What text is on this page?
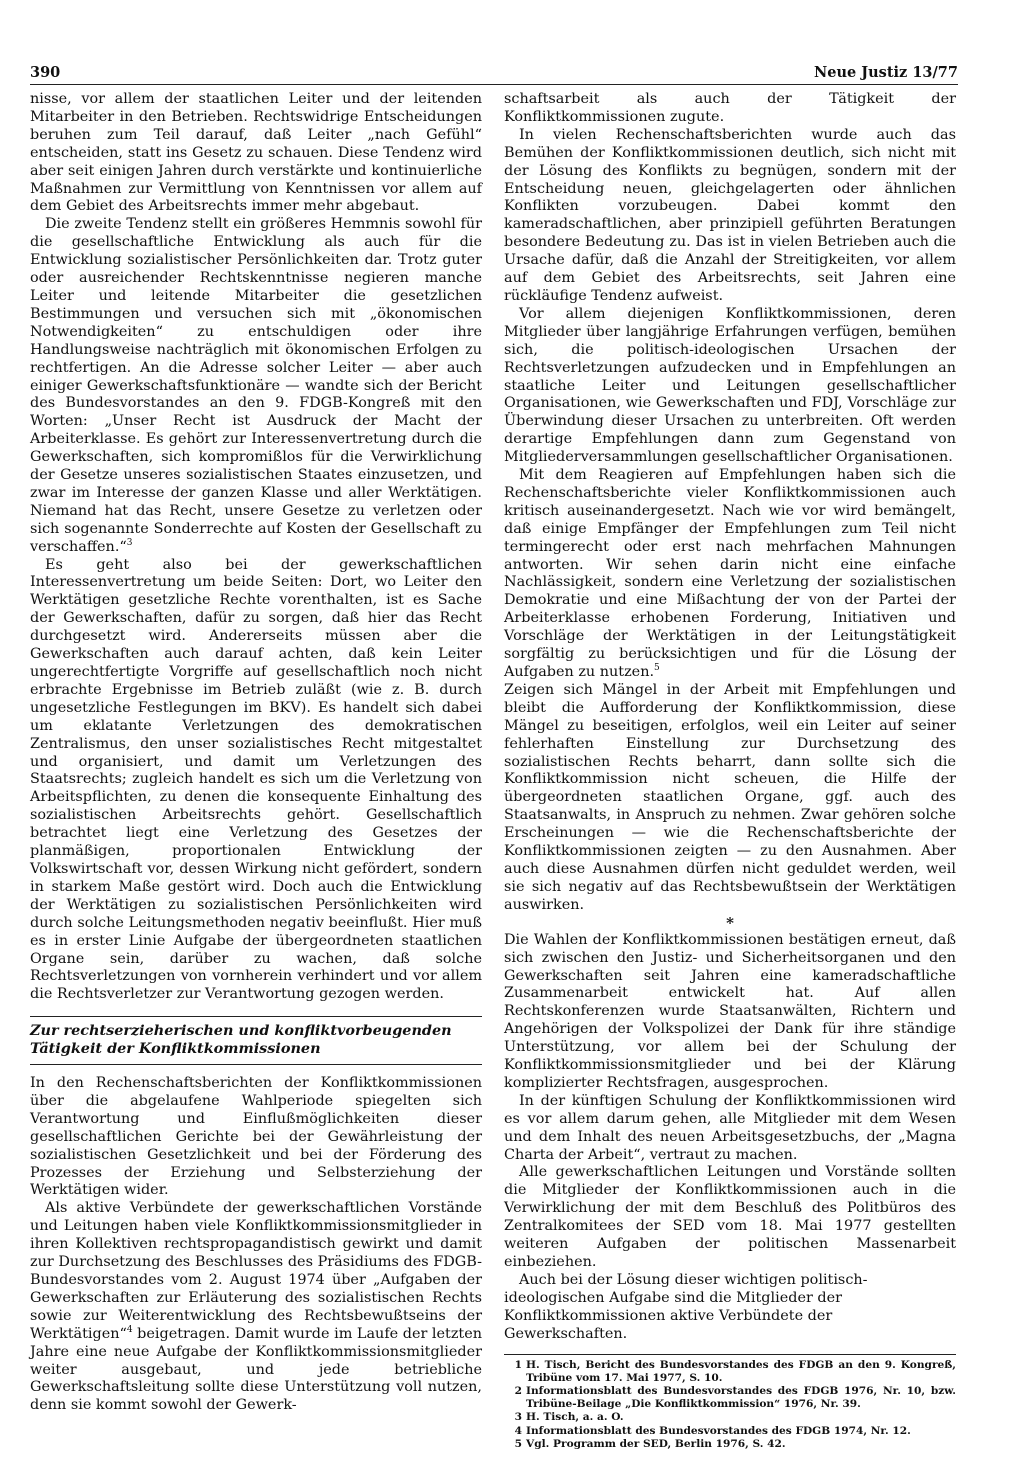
390	Neue Justiz 13/77

nisse, vor allem der staatlichen Leiter und der leitenden Mitarbeiter in den Betrieben. Rechtswidrige Entscheidungen beruhen zum Teil darauf, daß Leiter „nach Gefühl“ entscheiden, statt ins Gesetz zu schauen. Diese Tendenz wird aber seit einigen Jahren durch verstärkte und kontinuierliche Maßnahmen zur Vermittlung von Kenntnissen vor allem auf dem Gebiet des Arbeitsrechts immer mehr abgebaut.

Die zweite Tendenz stellt ein größeres Hemmnis sowohl für die gesellschaftliche Entwicklung als auch für die Entwicklung sozialistischer Persönlichkeiten dar. Trotz guter oder ausreichender Rechtskenntnisse negieren manche Leiter und leitende Mitarbeiter die gesetzlichen Bestimmungen und versuchen sich mit „ökonomischen Notwendigkeiten“ zu entschuldigen oder ihre Handlungsweise nachträglich mit ökonomischen Erfolgen zu rechtfertigen. An die Adresse solcher Leiter — aber auch einiger Gewerkschaftsfunktionäre — wandte sich der Bericht des Bundesvorstandes an den 9. FDGB-Kongreß mit den Worten: „Unser Recht ist Ausdruck der Macht der Arbeiterklasse. Es gehört zur Interessenvertretung durch die Gewerkschaften, sich kompromißlos für die Verwirklichung der Gesetze unseres sozialistischen Staates einzusetzen, und zwar im Interesse der ganzen Klasse und aller Werktätigen. Niemand hat das Recht, unsere Gesetze zu verletzen oder sich sogenannte Sonderrechte auf Kosten der Gesellschaft zu verschaffen.“$^3$

Es geht also bei der gewerkschaftlichen Interessenvertretung um beide Seiten: Dort, wo Leiter den Werktätigen gesetzliche Rechte vorenthalten, ist es Sache der Gewerkschaften, dafür zu sorgen, daß hier das Recht durchgesetzt wird. Andererseits müssen aber die Gewerkschaften auch darauf achten, daß kein Leiter ungerechtfertigte Vorgriffe auf gesellschaftlich noch nicht erbrachte Ergebnisse im Betrieb zuläßt (wie z. B. durch ungesetzliche Festlegungen im BKV). Es handelt sich dabei um eklatante Verletzungen des demokratischen Zentralismus, den unser sozialistisches Recht mitgestaltet und organisiert, und damit um Verletzungen des Staatsrechts; zugleich handelt es sich um die Verletzung von Arbeitspflichten, zu denen die konsequente Einhaltung des sozialistischen Arbeitsrechts gehört. Gesellschaftlich betrachtet liegt eine Verletzung des Gesetzes der planmäßigen, proportionalen Entwicklung der Volkswirtschaft vor, dessen Wirkung nicht gefördert, sondern in starkem Maße gestört wird. Doch auch die Entwicklung der Werktätigen zu sozialistischen Persönlichkeiten wird durch solche Leitungsmethoden negativ beeinflußt. Hier muß es in erster Linie Aufgabe der übergeordneten staatlichen Organe sein, darüber zu wachen, daß solche Rechtsverletzungen von vornherein verhindert und vor allem die Rechtsverletzer zur Verantwortung gezogen werden.

Zur rechtserzieherischen und konfliktvorbeugenden Tätigkeit der Konfliktkommissionen

In den Rechenschaftsberichten der Konfliktkommissionen über die abgelaufene Wahlperiode spiegelten sich Verantwortung und Einflußmöglichkeiten dieser gesellschaftlichen Gerichte bei der Gewährleistung der sozialistischen Gesetzlichkeit und bei der Förderung des Prozesses der Erziehung und Selbsterziehung der Werktätigen wider.

Als aktive Verbündete der gewerkschaftlichen Vorstände und Leitungen haben viele Konfliktkommissionsmitglieder in ihren Kollektiven rechtspropagandistisch gewirkt und damit zur Durchsetzung des Beschlusses des Präsidiums des FDGB-Bundesvorstandes vom 2. August 1974 über „Aufgaben der Gewerkschaften zur Erläuterung des sozialistischen Rechts sowie zur Weiterentwicklung des Rechtsbewußtseins der Werktätigen“$^4$ beigetragen. Damit wurde im Laufe der letzten Jahre eine neue Aufgabe der Konfliktkommissionsmitglieder weiter ausgebaut, und jede betriebliche Gewerkschaftsleitung sollte diese Unterstützung voll nutzen, denn sie kommt sowohl der Gewerk-

schaftsarbeit als auch der Tätigkeit der Konfliktkommissionen zugute.

In vielen Rechenschaftsberichten wurde auch das Bemühen der Konfliktkommissionen deutlich, sich nicht mit der Lösung des Konflikts zu begnügen, sondern mit der Entscheidung neuen, gleichgelagerten oder ähnlichen Konflikten vorzubeugen. Dabei kommt den kameradschaftlichen, aber prinzipiell geführten Beratungen besondere Bedeutung zu. Das ist in vielen Betrieben auch die Ursache dafür, daß die Anzahl der Streitigkeiten, vor allem auf dem Gebiet des Arbeitsrechts, seit Jahren eine rückläufige Tendenz aufweist.

Vor allem diejenigen Konfliktkommissionen, deren Mitglieder über langjährige Erfahrungen verfügen, bemühen sich, die politisch-ideologischen Ursachen der Rechtsverletzungen aufzudecken und in Empfehlungen an staatliche Leiter und Leitungen gesellschaftlicher Organisationen, wie Gewerkschaften und FDJ, Vorschläge zur Überwindung dieser Ursachen zu unterbreiten. Oft werden derartige Empfehlungen dann zum Gegenstand von Mitgliederversammlungen gesellschaftlicher Organisationen.

Mit dem Reagieren auf Empfehlungen haben sich die Rechenschaftsberichte vieler Konfliktkommissionen auch kritisch auseinandergesetzt. Nach wie vor wird bemängelt, daß einige Empfänger der Empfehlungen zum Teil nicht termingerecht oder erst nach mehrfachen Mahnungen antworten. Wir sehen darin nicht eine einfache Nachlässigkeit, sondern eine Verletzung der sozialistischen Demokratie und eine Mißachtung der von der Partei der Arbeiterklasse erhobenen Forderung, Initiativen und Vorschläge der Werktätigen in der Leitungstätigkeit sorgfältig zu berücksichtigen und für die Lösung der Aufgaben zu nutzen.$^5$

Zeigen sich Mängel in der Arbeit mit Empfehlungen und bleibt die Aufforderung der Konfliktkommission, diese Mängel zu beseitigen, erfolglos, weil ein Leiter auf seiner fehlerhaften Einstellung zur Durchsetzung des sozialistischen Rechts beharrt, dann sollte sich die Konfliktkommission nicht scheuen, die Hilfe der übergeordneten staatlichen Organe, ggf. auch des Staatsanwalts, in Anspruch zu nehmen. Zwar gehören solche Erscheinungen — wie die Rechenschaftsberichte der Konfliktkommissionen zeigten — zu den Ausnahmen. Aber auch diese Ausnahmen dürfen nicht geduldet werden, weil sie sich negativ auf das Rechtsbewußtsein der Werktätigen auswirken.

*

Die Wahlen der Konfliktkommissionen bestätigen erneut, daß sich zwischen den Justiz- und Sicherheitsorganen und den Gewerkschaften seit Jahren eine kameradschaftliche Zusammenarbeit entwickelt hat. Auf allen Rechtskonferenzen wurde Staatsanwälten, Richtern und Angehörigen der Volkspolizei der Dank für ihre ständige Unterstützung, vor allem bei der Schulung der Konfliktkommissionsmitglieder und bei der Klärung komplizierter Rechtsfragen, ausgesprochen.

In der künftigen Schulung der Konfliktkommissionen wird es vor allem darum gehen, alle Mitglieder mit dem Wesen und dem Inhalt des neuen Arbeitsgesetzbuchs, der „Magna Charta der Arbeit“, vertraut zu machen.

Alle gewerkschaftlichen Leitungen und Vorstände sollten die Mitglieder der Konfliktkommissionen auch in die Verwirklichung der mit dem Beschluß des Politbüros des Zentralkomitees der SED vom 18. Mai 1977 gestellten weiteren Aufgaben der politischen Massenarbeit einbeziehen.

Auch bei der Lösung dieser wichtigen politisch-ideologischen Aufgabe sind die Mitglieder der Konfliktkommissionen aktive Verbündete der Gewerkschaften.

1 H. Tisch, Bericht des Bundesvorstandes des FDGB an den 9. Kongreß, Tribüne vom 17. Mai 1977, S. 10.
2 Informationsblatt des Bundesvorstandes des FDGB 1976, Nr. 10, bzw. Tribüne-Beilage „Die Konfliktkommission“ 1976, Nr. 39.
3 H. Tisch, a. a. O.
4 Informationsblatt des Bundesvorstandes des FDGB 1974, Nr. 12.
5 Vgl. Programm der SED, Berlin 1976, S. 42.
